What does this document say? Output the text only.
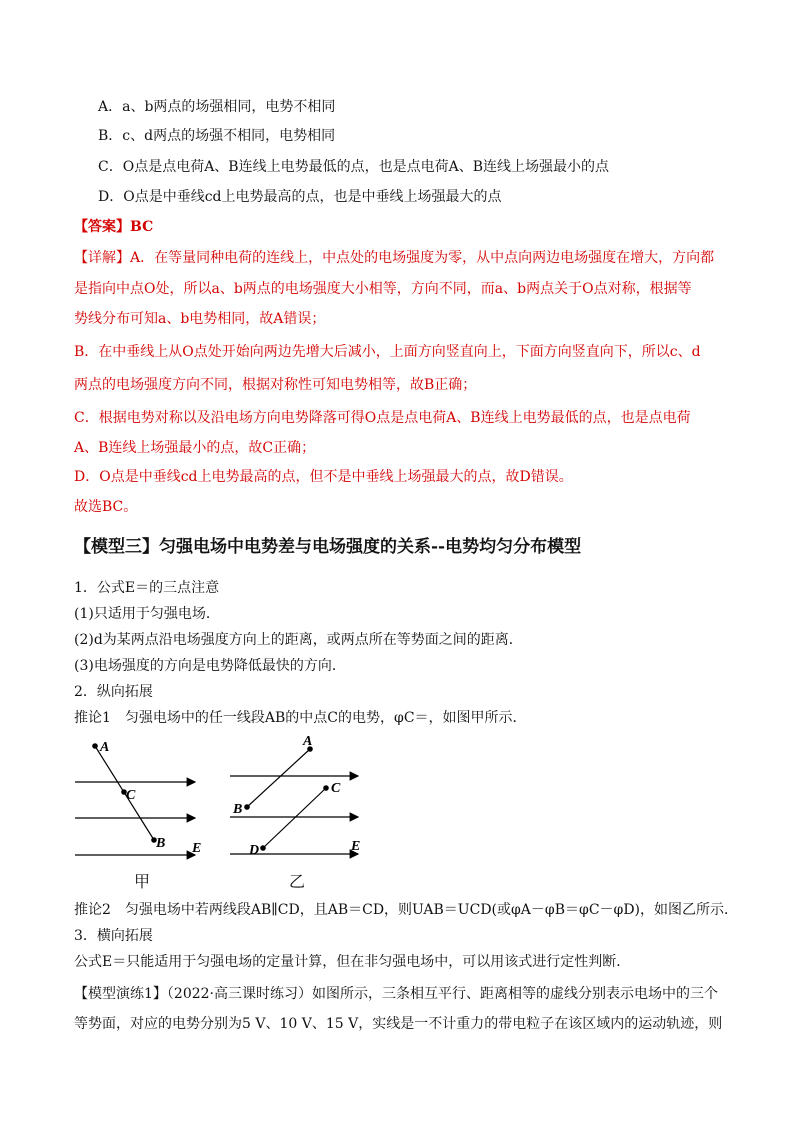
A．a、b两点的场强相同，电势不相同
B．c、d两点的场强不相同，电势相同
C．O点是点电荷A、B连线上电势最低的点，也是点电荷A、B连线上场强最小的点
D．O点是中垂线cd上电势最高的点，也是中垂线上场强最大的点
【答案】BC
【详解】A．在等量同种电荷的连线上，中点处的电场强度为零，从中点向两边电场强度在增大，方向都
是指向中点O处，所以a、b两点的电场强度大小相等，方向不同，而a、b两点关于O点对称，根据等
势线分布可知a、b电势相同，故A错误；
B．在中垂线上从O点处开始向两边先增大后减小，上面方向竖直向上，下面方向竖直向下，所以c、d
两点的电场强度方向不同，根据对称性可知电势相等，故B正确；
C．根据电势对称以及沿电场方向电势降落可得O点是点电荷A、B连线上电势最低的点，也是点电荷
A、B连线上场强最小的点，故C正确；
D．O点是中垂线cd上电势最高的点，但不是中垂线上场强最大的点，故D错误。
故选BC。
【模型三】匀强电场中电势差与电场强度的关系--电势均匀分布模型
1．公式E＝的三点注意
(1)只适用于匀强电场．
(2)d为某两点沿电场强度方向上的距离，或两点所在等势面之间的距离．
(3)电场强度的方向是电势降低最快的方向．
2．纵向拓展
推论1　匀强电场中的任一线段AB的中点C的电势，φC＝，如图甲所示．
A
C
B E
甲
A
C
B
D	E
乙
推论2　匀强电场中若两线段AB∥CD，且AB＝CD，则UAB＝UCD(或φA－φB＝φC－φD)，如图乙所示．
3．横向拓展
公式E＝只能适用于匀强电场的定量计算，但在非匀强电场中，可以用该式进行定性判断．
【模型演练1】（2022·高三课时练习）如图所示，三条相互平行、距离相等的虚线分别表示电场中的三个
等势面，对应的电势分别为5 V、10 V、15 V，实线是一不计重力的带电粒子在该区域内的运动轨迹，则
